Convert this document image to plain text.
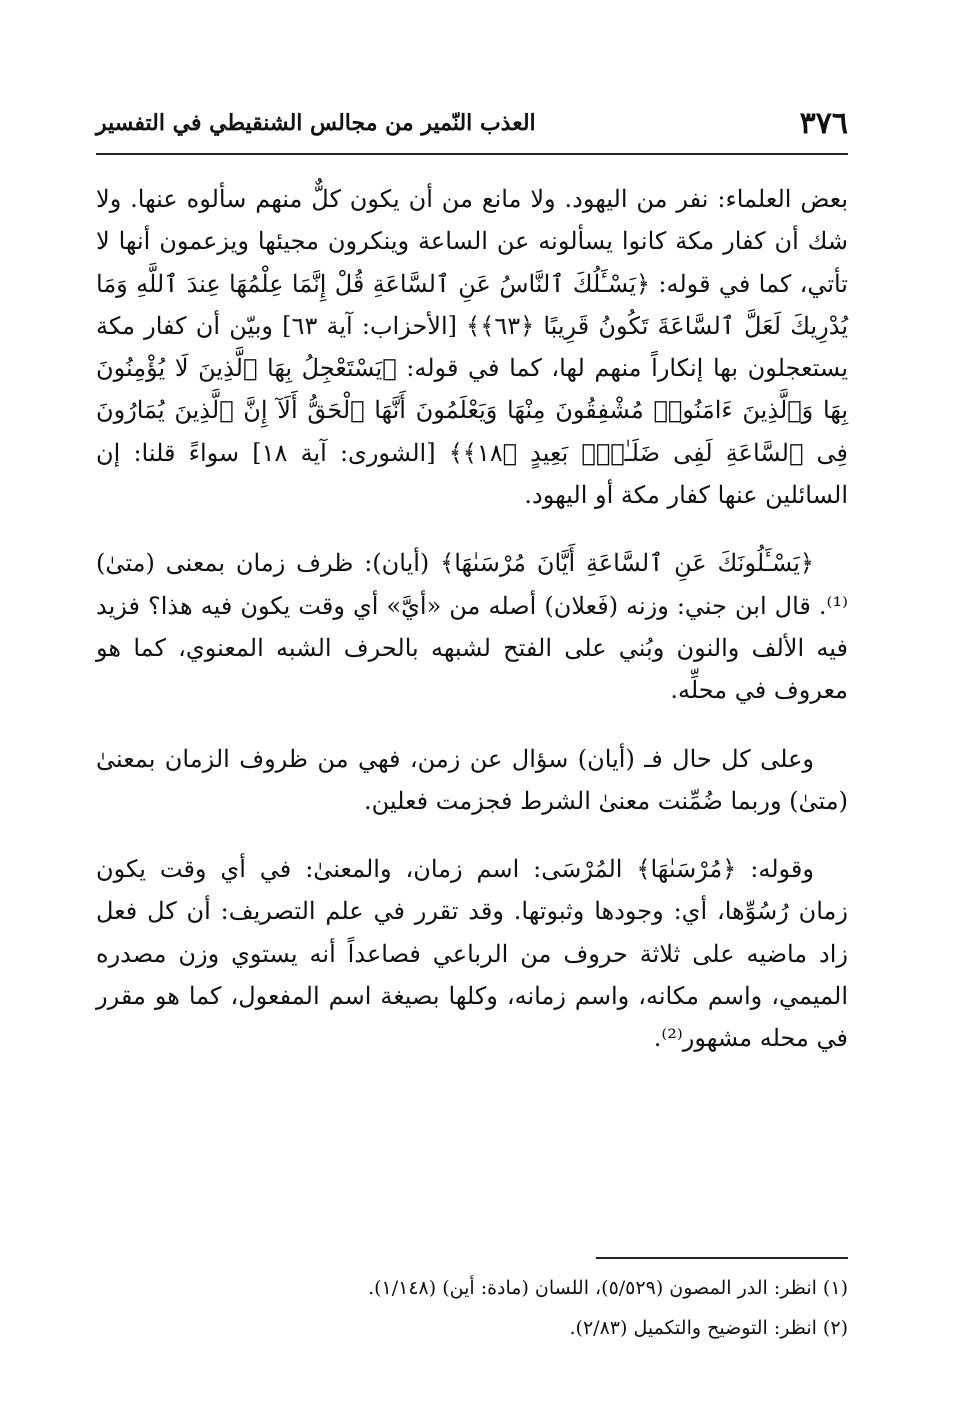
٣٧٦
العذب النّمير من مجالس الشنقيطي في التفسير

بعض العلماء: نفر من اليهود. ولا مانع من أن يكون كلٌّ منهم سألوه عنها. ولا شك أن كفار مكة كانوا يسألونه عن الساعة وينكرون مجيئها ويزعمون أنها لا تأتي، كما في قوله: ﴿يَسْـَٔلُكَ ٱلنَّاسُ عَنِ ٱلسَّاعَةِ قُلْ إِنَّمَا عِلْمُهَا عِندَ ٱللَّهِ وَمَا يُدْرِيكَ لَعَلَّ ٱلسَّاعَةَ تَكُونُ قَرِيبًا ﴿٦٣﴾﴾ [الأحزاب: آية ٦٣] وبيّن أن كفار مكة يستعجلون بها إنكاراً منهم لها، كما في قوله: ﴿يَسْتَعْجِلُ بِهَا ٱلَّذِينَ لَا يُؤْمِنُونَ بِهَا وَٱلَّذِينَ ءَامَنُوا۟ مُشْفِقُونَ مِنْهَا وَيَعْلَمُونَ أَنَّهَا ٱلْحَقُّ أَلَآ إِنَّ ٱلَّذِينَ يُمَارُونَ فِى ٱلسَّاعَةِ لَفِى ضَلَـٰلٍۭ بَعِيدٍ ﴿١٨﴾﴾ [الشورى: آية ١٨] سواءً قلنا: إن السائلين عنها كفار مكة أو اليهود.

﴿يَسْـَٔلُونَكَ عَنِ ٱلسَّاعَةِ أَيَّانَ مُرْسَىٰهَا﴾ (أيان): ظرف زمان بمعنى (متىٰ)⁽¹⁾. قال ابن جني: وزنه (فَعلان) أصله من «أيَّ» أي وقت يكون فيه هذا؟ فزيد فيه الألف والنون وبُني على الفتح لشبهه بالحرف الشبه المعنوي، كما هو معروف في محلِّه.

وعلى كل حال فـ (أيان) سؤال عن زمن، فهي من ظروف الزمان بمعنىٰ (متىٰ) وربما ضُمِّنت معنىٰ الشرط فجزمت فعلين.

وقوله: ﴿مُرْسَىٰهَا﴾ المُرْسَى: اسم زمان، والمعنىٰ: في أي وقت يكون زمان رُسُوِّها، أي: وجودها وثبوتها. وقد تقرر في علم التصريف: أن كل فعل زاد ماضيه على ثلاثة حروف من الرباعي فصاعداً أنه يستوي وزن مصدره الميمي، واسم مكانه، واسم زمانه، وكلها بصيغة اسم المفعول، كما هو مقرر في محله مشهور⁽²⁾.

(١) انظر: الدر المصون (٥/٥٢٩)، اللسان (مادة: أين) (١/١٤٨).

(٢) انظر: التوضيح والتكميل (٢/٨٣).
